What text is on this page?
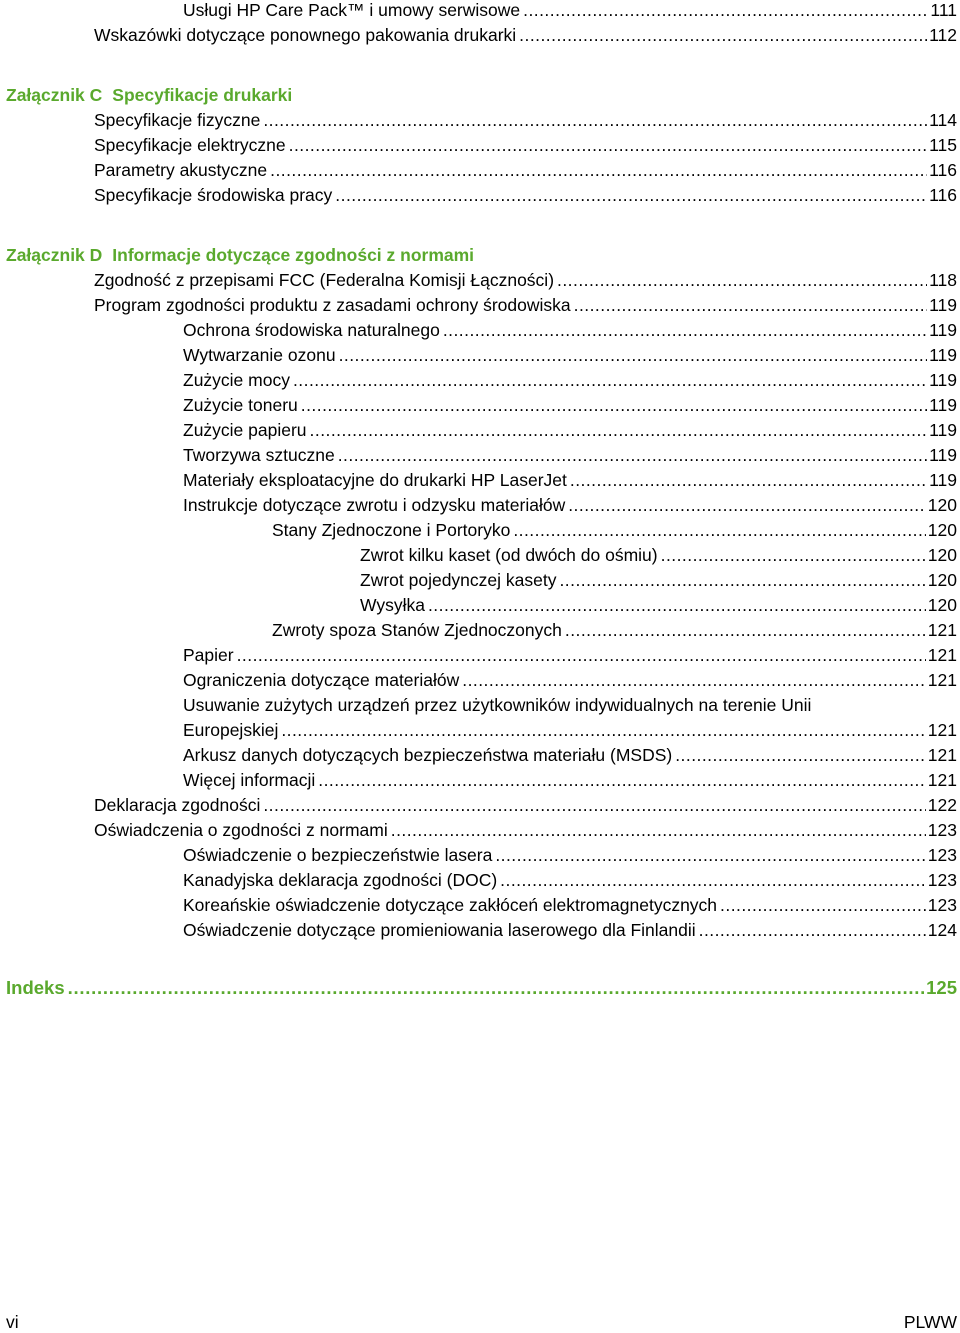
Usługi HP Care Pack™ i umowy serwisowe . . .	111
Wskazówki dotyczące ponownego pakowania drukarki . . .	112
Załącznik C Specyfikacje drukarki
Specyfikacje fizyczne . . .	114
Specyfikacje elektryczne . . .	115
Parametry akustyczne . . .	116
Specyfikacje środowiska pracy . . .	116
Załącznik D Informacje dotyczące zgodności z normami
Zgodność z przepisami FCC (Federalna Komisji Łączności) . . .	118
Program zgodności produktu z zasadami ochrony środowiska . . .	119
Ochrona środowiska naturalnego . . .	119
Wytwarzanie ozonu . . .	119
Zużycie mocy . . .	119
Zużycie toneru . . .	119
Zużycie papieru . . .	119
Tworzywa sztuczne . . .	119
Materiały eksploatacyjne do drukarki HP LaserJet . . .	119
Instrukcje dotyczące zwrotu i odzysku materiałów . . .	120
Stany Zjednoczone i Portoryko . . .	120
Zwrot kilku kaset (od dwóch do ośmiu) . . .	120
Zwrot pojedynczej kasety . . .	120
Wysyłka . . .	120
Zwroty spoza Stanów Zjednoczonych . . .	121
Papier . . .	121
Ograniczenia dotyczące materiałów . . .	121
Usuwanie zużytych urządzeń przez użytkowników indywidualnych na terenie Unii
Europejskiej . . .	121
Arkusz danych dotyczących bezpieczeństwa materiału (MSDS) . . .	121
Więcej informacji . . .	121
Deklaracja zgodności . . .	122
Oświadczenia o zgodności z normami . . .	123
Oświadczenie o bezpieczeństwie lasera . . .	123
Kanadyjska deklaracja zgodności (DOC) . . .	123
Koreańskie oświadczenie dotyczące zakłóceń elektromagnetycznych . . .	123
Oświadczenie dotyczące promieniowania laserowego dla Finlandii . . .	124
Indeks . . .	125
vi	PLWW
